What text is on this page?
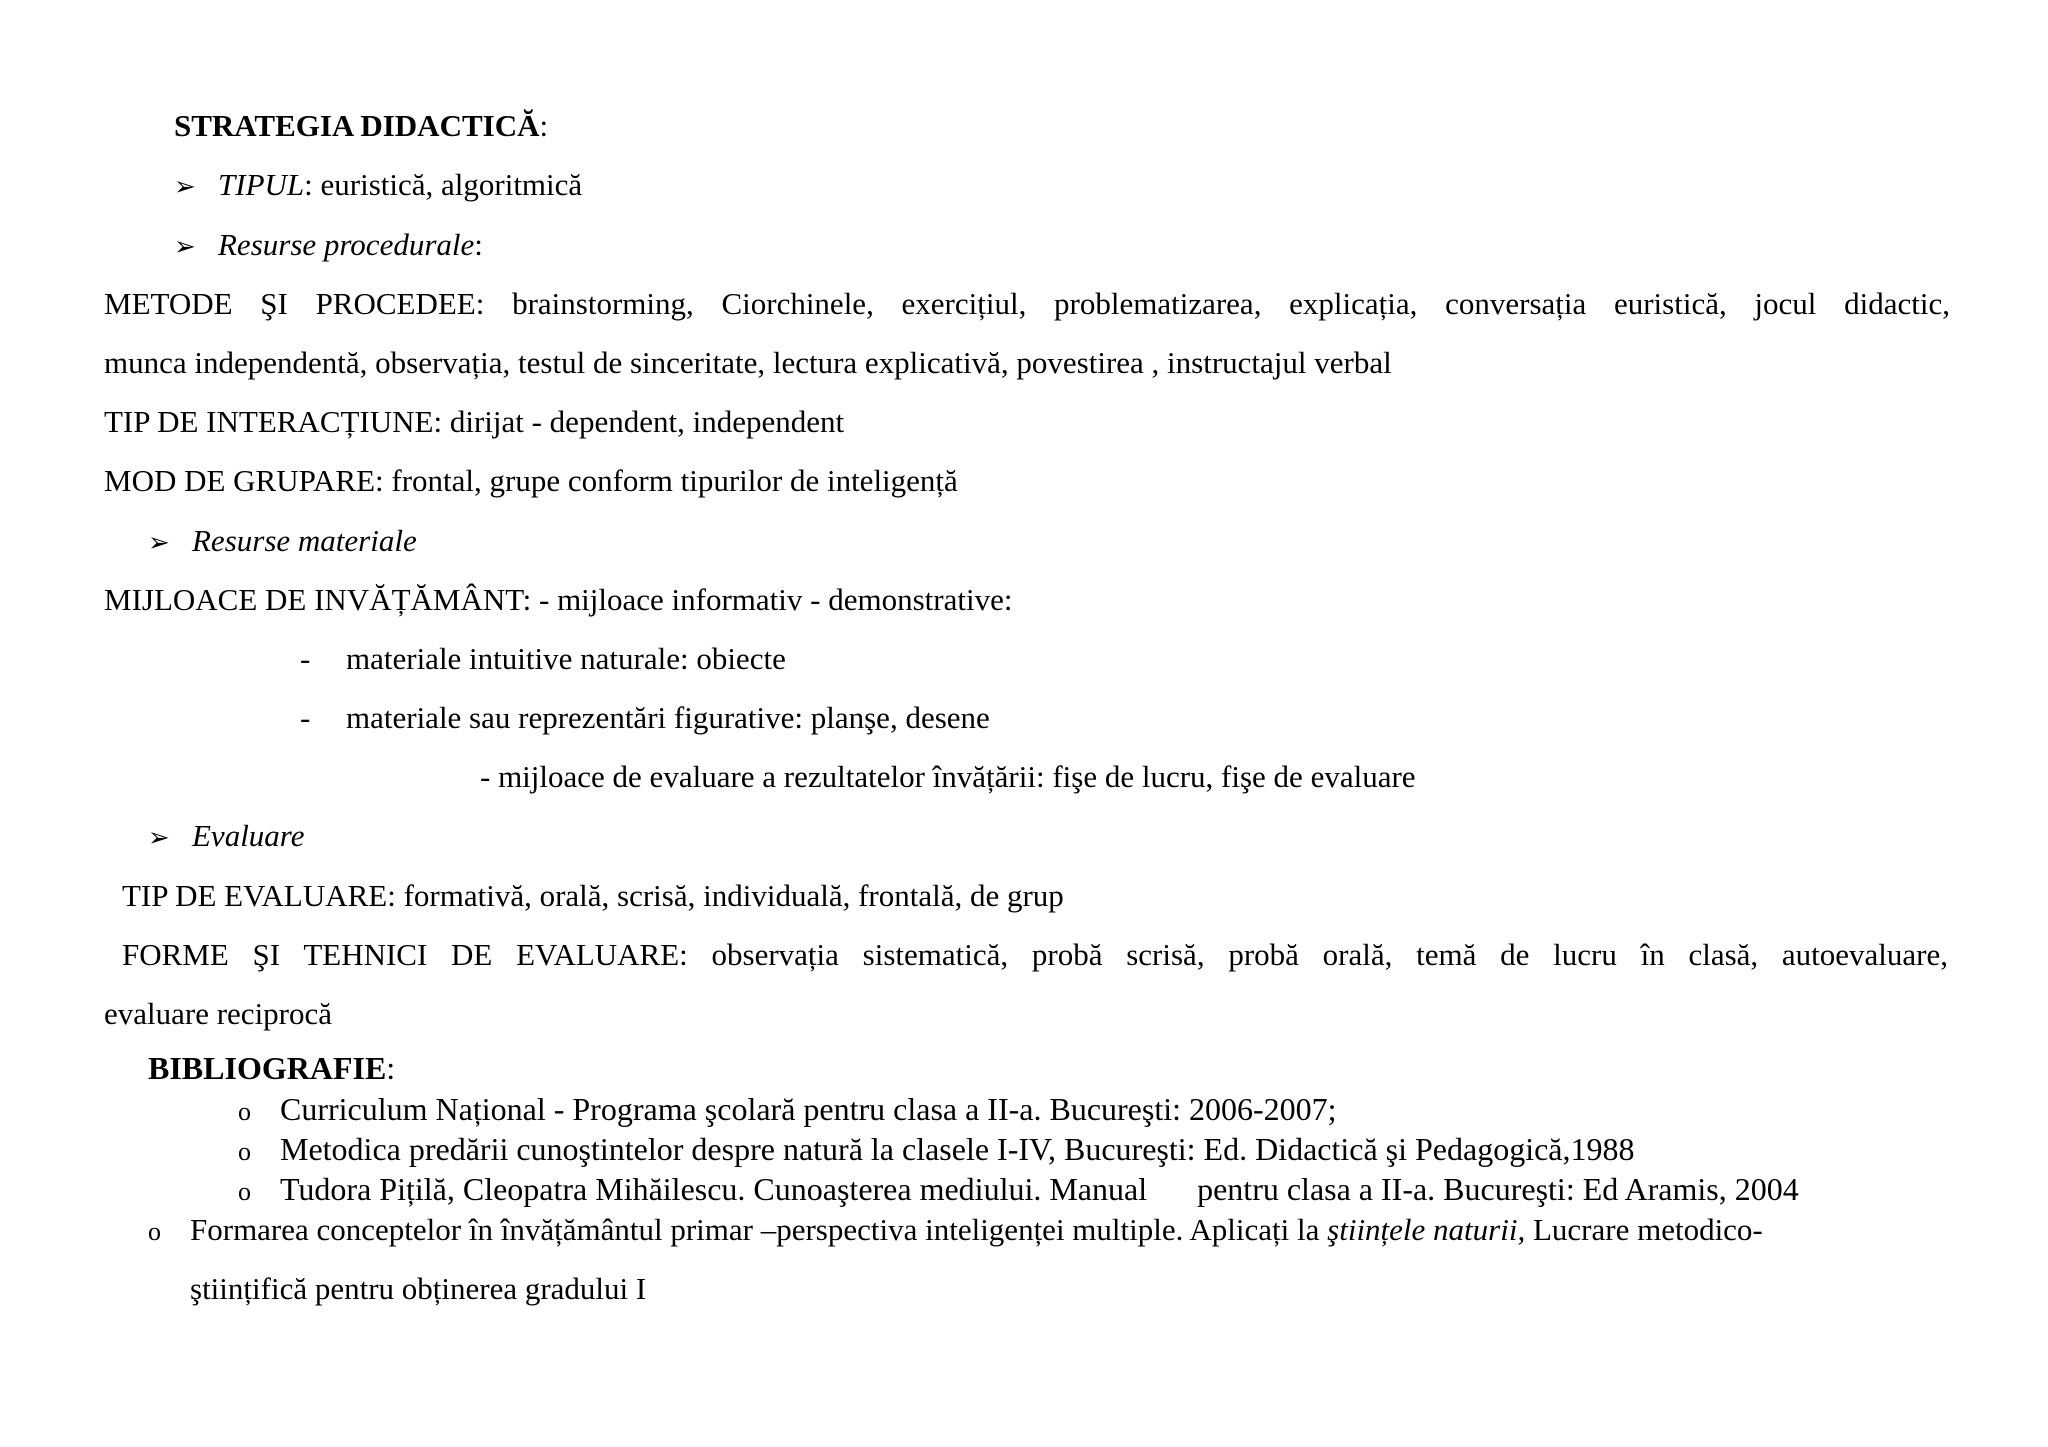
STRATEGIA DIDACTICĂ:
➢ TIPUL: euristică, algoritmică
➢ Resurse procedurale:
METODE ŞI PROCEDEE: brainstorming, Ciorchinele, exercițiul, problematizarea, explicația, conversația euristică, jocul didactic,
munca independentă, observația, testul de sinceritate, lectura explicativă, povestirea , instructajul verbal
TIP DE INTERACȚIUNE: dirijat - dependent, independent
MOD DE GRUPARE: frontal, grupe conform tipurilor de inteligență
➢ Resurse materiale
MIJLOACE DE INVĂȚĂMÂNT: - mijloace informativ - demonstrative:
- materiale intuitive naturale: obiecte
- materiale sau reprezentări figurative: planşe, desene
- mijloace de evaluare a rezultatelor învățării: fişe de lucru, fişe de evaluare
➢ Evaluare
TIP DE EVALUARE: formativă, orală, scrisă, individuală, frontală, de grup
FORME ŞI TEHNICI DE EVALUARE: observația sistematică, probă scrisă, probă orală, temă de lucru în clasă, autoevaluare,
evaluare reciprocă
BIBLIOGRAFIE:
o Curriculum Național - Programa şcolară pentru clasa a II-a. Bucureşti: 2006-2007;
o Metodica predării cunoştintelor despre natură la clasele I-IV, Bucureşti: Ed. Didactică şi Pedagogică,1988
o Tudora Pițilă, Cleopatra Mihăilescu. Cunoaşterea mediului. Manual pentru clasa a II-a. Bucureşti: Ed Aramis, 2004
o Formarea conceptelor în învățământul primar –perspectiva inteligenței multiple. Aplicați la ştiințele naturii, Lucrare metodico-
ştiințifică pentru obținerea gradului I
